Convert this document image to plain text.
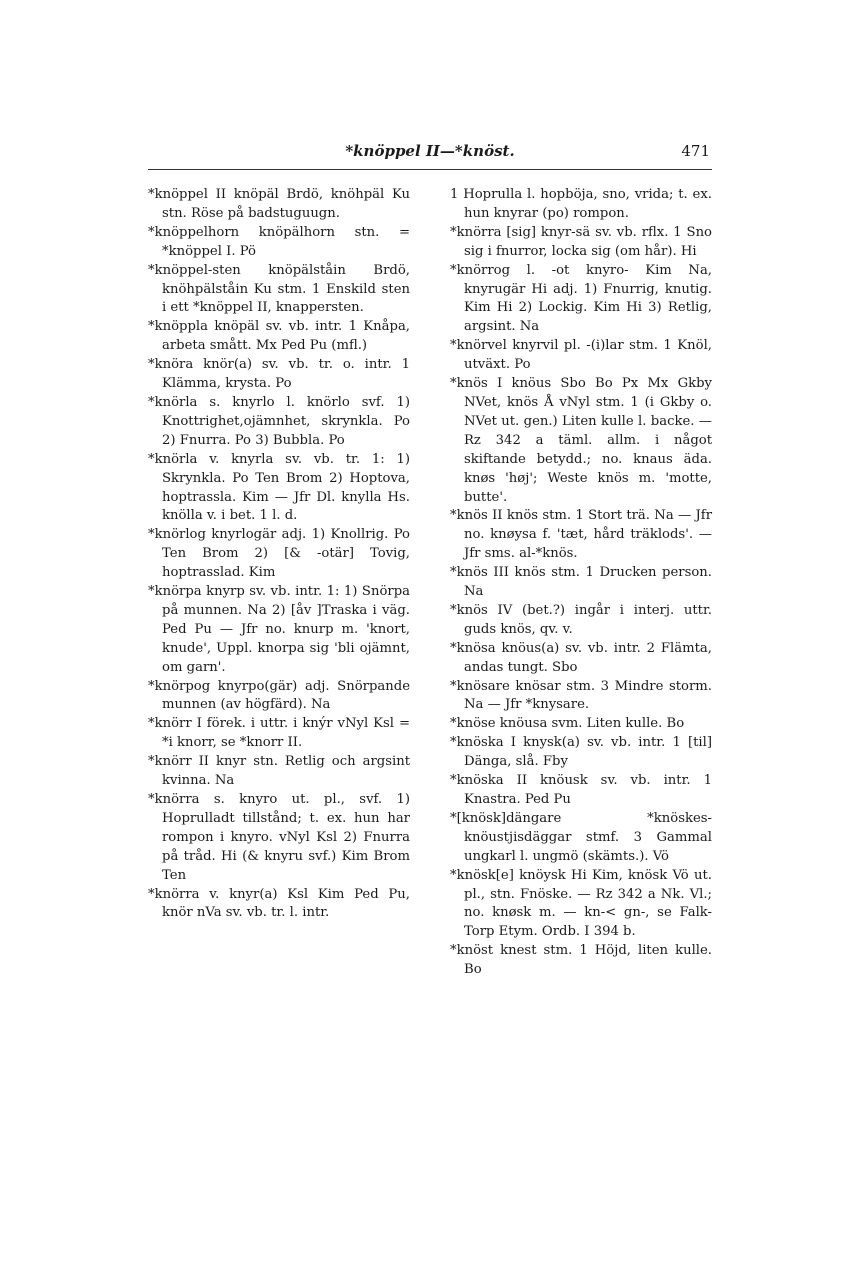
*knöppel II—*knöst.	471

*knöppel II knöpäl Brdö, knöhpäl Ku stn. Röse på badstuguugn.

*knöppelhorn knöpälhorn stn. = *knöppel I. Pö

*knöppel-sten knöpälståin Brdö, knöhpälståin Ku stm. 1 Enskild sten i ett *knöppel II, knappersten.

*knöppla knöpäl sv. vb. intr. 1 Knåpa, arbeta smått. Mx Ped Pu (mfl.)

*knöra knör(a) sv. vb. tr. o. intr. 1 Klämma, krysta. Po

*knörla s. knyrlo l. knörlo svf. 1) Knottrighet,ojämnhet, skrynkla. Po 2) Fnurra. Po 3) Bubbla. Po

*knörla v. knyrla sv. vb. tr. 1: 1) Skrynkla. Po Ten Brom 2) Hoptova, hoptrassla. Kim — Jfr Dl. knylla Hs. knölla v. i bet. 1 l. d.

*knörlog knyrlogär adj. 1) Knollrig. Po Ten Brom 2) [& -otär] Tovig, hoptrasslad. Kim

*knörpa knyrp sv. vb. intr. 1: 1) Snörpa på munnen. Na 2) [åv ]Traska i väg. Ped Pu — Jfr no. knurp m. 'knort, knude', Uppl. knorpa sig 'bli ojämnt, om garn'.

*knörpog knyrpo(gär) adj. Snörpande munnen (av högfärd). Na

*knörr I förek. i uttr. i knýr vNyl Ksl = *i knorr, se *knorr II.

*knörr II knyr stn. Retlig och argsint kvinna. Na

*knörra s. knyro ut. pl., svf. 1) Hoprulladt tillstånd; t. ex. hun har rompon i knyro. vNyl Ksl 2) Fnurra på tråd. Hi (& knyru svf.) Kim Brom Ten

*knörra v. knyr(a) Ksl Kim Ped Pu, knör nVa sv. vb. tr. l. intr.

1 Hoprulla l. hopböja, sno, vrida; t. ex. hun knyrar (po) rompon.

*knörra [sig] knyr-sä sv. vb. rflx. 1 Sno sig i fnurror, locka sig (om hår). Hi

*knörrog l. -ot knyro- Kim Na, knyrugär Hi adj. 1) Fnurrig, knutig. Kim Hi 2) Lockig. Kim Hi 3) Retlig, argsint. Na

*knörvel knyrvil pl. -(i)lar stm. 1 Knöl, utväxt. Po

*knös I knöus Sbo Bo Px Mx Gkby NVet, knös Å vNyl stm. 1 (i Gkby o. NVet ut. gen.) Liten kulle l. backe. — Rz 342 a täml. allm. i något skiftande betydd.; no. knaus äda. knøs 'høj'; Weste knös m. 'motte, butte'.

*knös II knös stm. 1 Stort trä. Na — Jfr no. knøysa f. 'tæt, hård träklods'. — Jfr sms. al-*knös.

*knös III knös stm. 1 Drucken person. Na

*knös IV (bet.?) ingår i interj. uttr. guds knös, qv. v.

*knösa knöus(a) sv. vb. intr. 2 Flämta, andas tungt. Sbo

*knösare knösar stm. 3 Mindre storm. Na — Jfr *knysare.

*knöse knöusa svm. Liten kulle. Bo

*knöska I knysk(a) sv. vb. intr. 1 [til] Dänga, slå. Fby

*knöska II knöusk sv. vb. intr. 1 Knastra. Ped Pu

*[knösk]dängare *knöskes- knöustjisdäggar stmf. 3 Gammal ungkarl l. ungmö (skämts.). Vö

*knösk[e] knöysk Hi Kim, knösk Vö ut. pl., stn. Fnöske. — Rz 342 a Nk. Vl.; no. knøsk m. — kn-< gn-, se Falk-Torp Etym. Ordb. I 394 b.

*knöst knest stm. 1 Höjd, liten kulle. Bo
